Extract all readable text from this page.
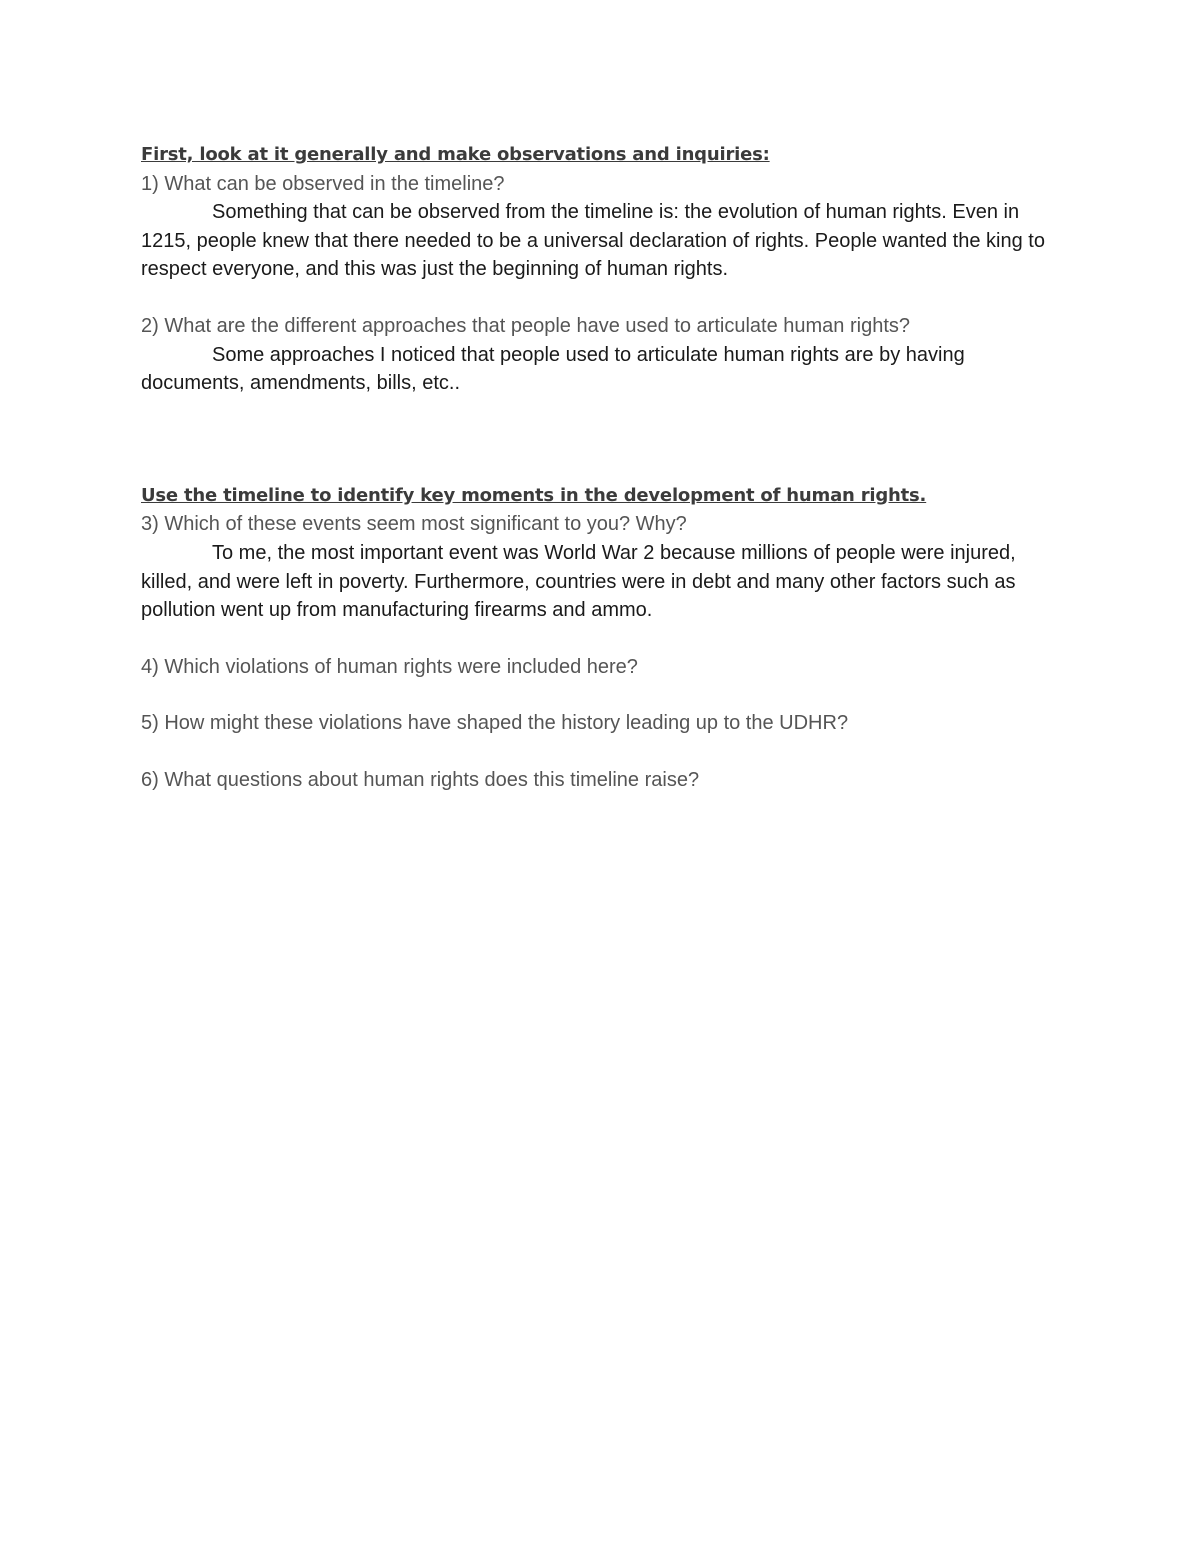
First, look at it generally and make observations and inquiries:

1) What can be observed in the timeline?

Something that can be observed from the timeline is: the evolution of human rights. Even in 1215, people knew that there needed to be a universal declaration of rights. People wanted the king to respect everyone, and this was just the beginning of human rights.

2) What are the different approaches that people have used to articulate human rights?

Some approaches I noticed that people used to articulate human rights are by having documents, amendments, bills, etc..

Use the timeline to identify key moments in the development of human rights.

3) Which of these events seem most significant to you? Why?

To me, the most important event was World War 2 because millions of people were injured, killed, and were left in poverty. Furthermore, countries were in debt and many other factors such as pollution went up from manufacturing firearms and ammo.

4) Which violations of human rights were included here?

5) How might these violations have shaped the history leading up to the UDHR?

6) What questions about human rights does this timeline raise?
